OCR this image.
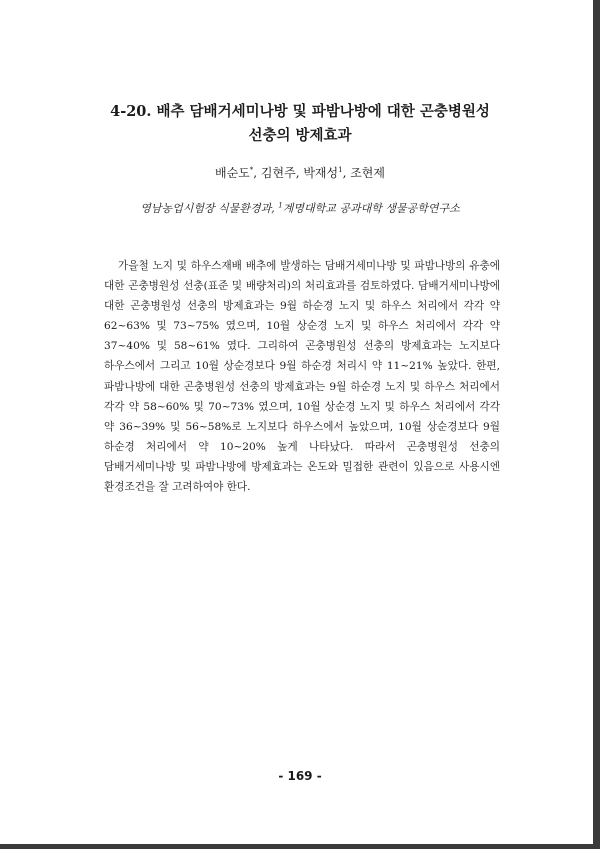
4-20. 배추 담배거세미나방 및 파밤나방에 대한 곤충병원성
선충의 방제효과
배순도*, 김현주, 박재성$^1$, 조현제
영남농업시험장 식물환경과, $^1$계명대학교 공과대학 생물공학연구소

가을철 노지 및 하우스재배 배추에 발생하는 담배거세미나방 및 파밤나방의 유충에 대한 곤충병원성 선충(표준 및 배량처리)의 처리효과를 검토하였다. 담배거세미나방에 대한 곤충병원성 선충의 방제효과는 9월 하순경 노지 및 하우스 처리에서 각각 약 62~63% 및 73~75% 였으며, 10월 상순경 노지 및 하우스 처리에서 각각 약 37~40% 및 58~61% 였다. 그리하여 곤충병원성 선충의 방제효과는 노지보다 하우스에서 그리고 10월 상순경보다 9월 하순경 처리시 약 11~21% 높았다. 한편, 파밤나방에 대한 곤충병원성 선충의 방제효과는 9월 하순경 노지 및 하우스 처리에서 각각 약 58~60% 및 70~73% 였으며, 10월 상순경 노지 및 하우스 처리에서 각각 약 36~39% 및 56~58%로 노지보다 하우스에서 높았으며, 10월 상순경보다 9월 하순경 처리에서 약 10~20% 높게 나타났다. 따라서 곤충병원성 선충의 담배거세미나방 및 파밤나방에 방제효과는 온도와 밀접한 관련이 있음으로 사용시엔 환경조건을 잘 고려하여야 한다.

- 169 -
